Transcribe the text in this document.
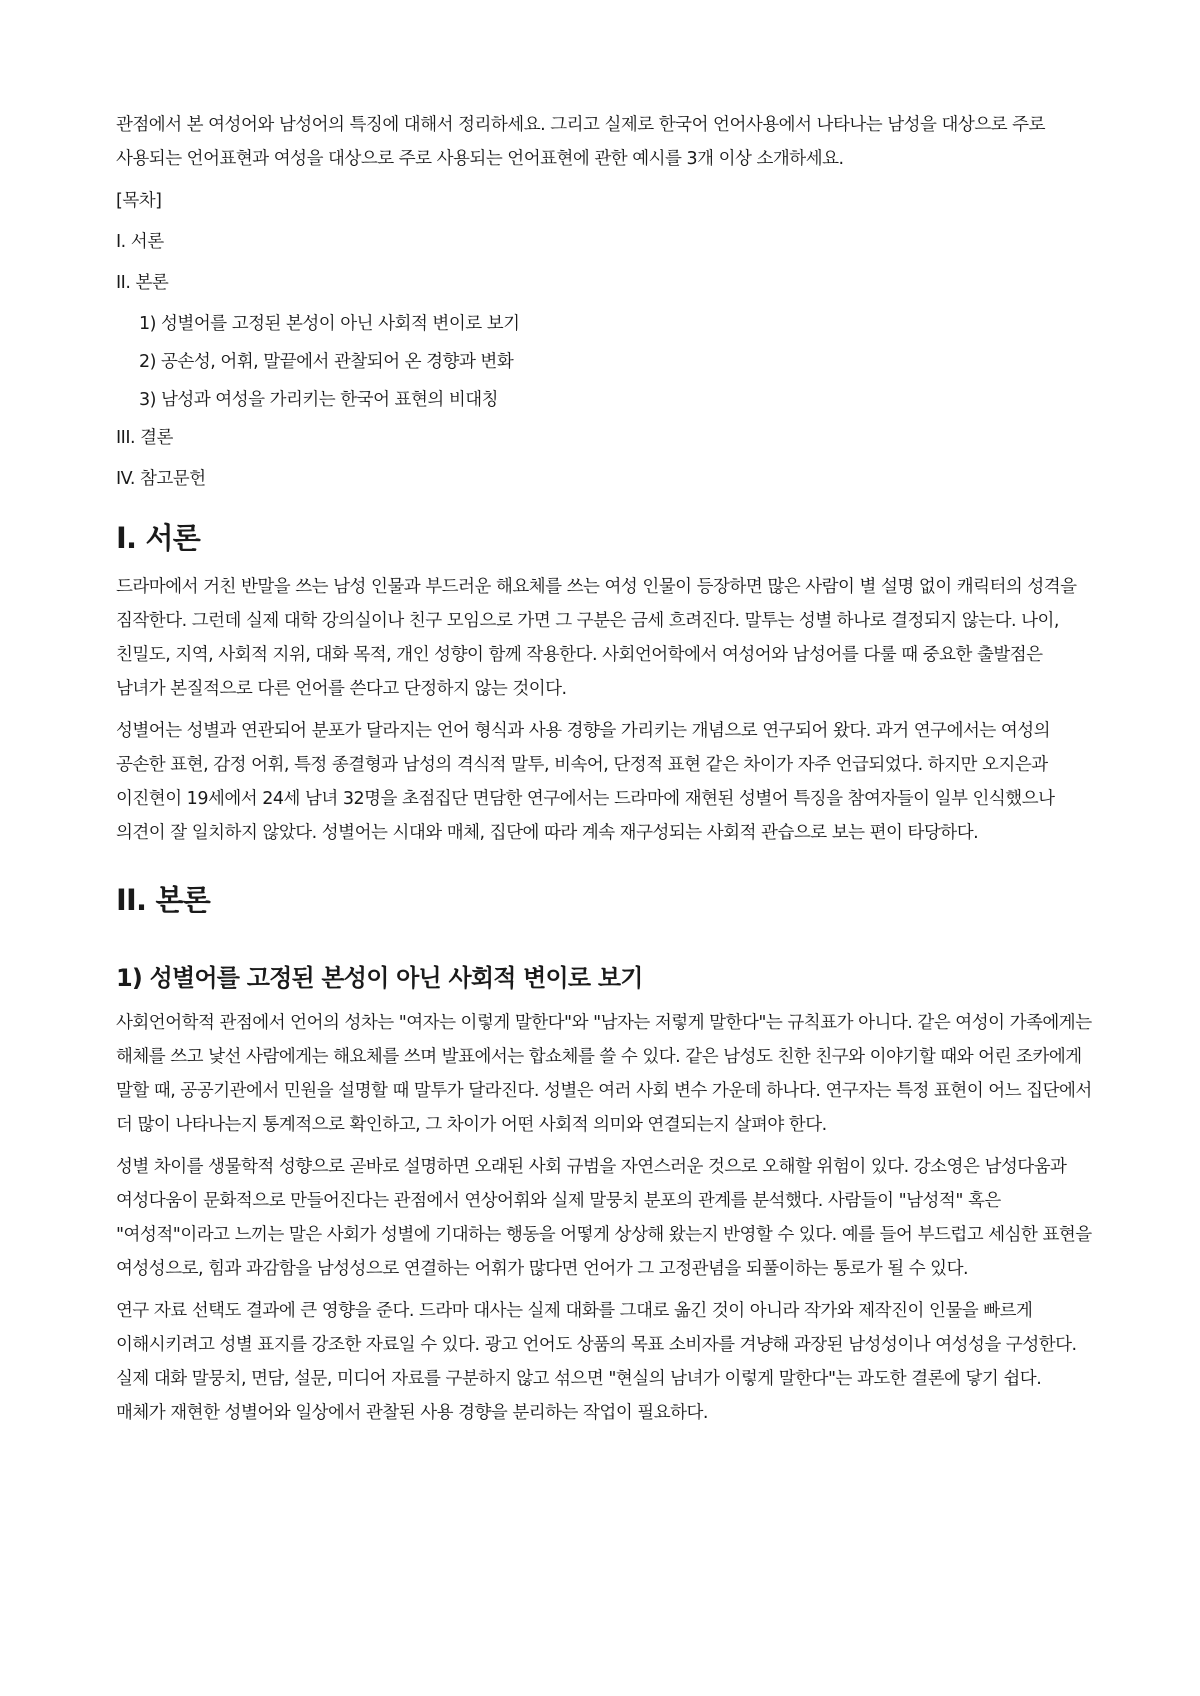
관점에서 본 여성어와 남성어의 특징에 대해서 정리하세요. 그리고 실제로 한국어 언어사용에서 나타나는 남성을 대상으로 주로 사용되는 언어표현과 여성을 대상으로 주로 사용되는 언어표현에 관한 예시를 3개 이상 소개하세요.

[목차]

I. 서론
II. 본론
1) 성별어를 고정된 본성이 아닌 사회적 변이로 보기
2) 공손성, 어휘, 말끝에서 관찰되어 온 경향과 변화
3) 남성과 여성을 가리키는 한국어 표현의 비대칭
III. 결론
IV. 참고문헌
I. 서론

드라마에서 거친 반말을 쓰는 남성 인물과 부드러운 해요체를 쓰는 여성 인물이 등장하면 많은 사람이 별 설명 없이 캐릭터의 성격을 짐작한다. 그런데 실제 대학 강의실이나 친구 모임으로 가면 그 구분은 금세 흐려진다. 말투는 성별 하나로 결정되지 않는다. 나이, 친밀도, 지역, 사회적 지위, 대화 목적, 개인 성향이 함께 작용한다. 사회언어학에서 여성어와 남성어를 다룰 때 중요한 출발점은 남녀가 본질적으로 다른 언어를 쓴다고 단정하지 않는 것이다.

성별어는 성별과 연관되어 분포가 달라지는 언어 형식과 사용 경향을 가리키는 개념으로 연구되어 왔다. 과거 연구에서는 여성의 공손한 표현, 감정 어휘, 특정 종결형과 남성의 격식적 말투, 비속어, 단정적 표현 같은 차이가 자주 언급되었다. 하지만 오지은과 이진현이 19세에서 24세 남녀 32명을 초점집단 면담한 연구에서는 드라마에 재현된 성별어 특징을 참여자들이 일부 인식했으나 의견이 잘 일치하지 않았다. 성별어는 시대와 매체, 집단에 따라 계속 재구성되는 사회적 관습으로 보는 편이 타당하다.

II. 본론
1) 성별어를 고정된 본성이 아닌 사회적 변이로 보기

사회언어학적 관점에서 언어의 성차는 "여자는 이렇게 말한다"와 "남자는 저렇게 말한다"는 규칙표가 아니다. 같은 여성이 가족에게는 해체를 쓰고 낯선 사람에게는 해요체를 쓰며 발표에서는 합쇼체를 쓸 수 있다. 같은 남성도 친한 친구와 이야기할 때와 어린 조카에게 말할 때, 공공기관에서 민원을 설명할 때 말투가 달라진다. 성별은 여러 사회 변수 가운데 하나다. 연구자는 특정 표현이 어느 집단에서 더 많이 나타나는지 통계적으로 확인하고, 그 차이가 어떤 사회적 의미와 연결되는지 살펴야 한다.

성별 차이를 생물학적 성향으로 곧바로 설명하면 오래된 사회 규범을 자연스러운 것으로 오해할 위험이 있다. 강소영은 남성다움과 여성다움이 문화적으로 만들어진다는 관점에서 연상어휘와 실제 말뭉치 분포의 관계를 분석했다. 사람들이 "남성적" 혹은 "여성적"이라고 느끼는 말은 사회가 성별에 기대하는 행동을 어떻게 상상해 왔는지 반영할 수 있다. 예를 들어 부드럽고 세심한 표현을 여성성으로, 힘과 과감함을 남성성으로 연결하는 어휘가 많다면 언어가 그 고정관념을 되풀이하는 통로가 될 수 있다.

연구 자료 선택도 결과에 큰 영향을 준다. 드라마 대사는 실제 대화를 그대로 옮긴 것이 아니라 작가와 제작진이 인물을 빠르게 이해시키려고 성별 표지를 강조한 자료일 수 있다. 광고 언어도 상품의 목표 소비자를 겨냥해 과장된 남성성이나 여성성을 구성한다. 실제 대화 말뭉치, 면담, 설문, 미디어 자료를 구분하지 않고 섞으면 "현실의 남녀가 이렇게 말한다"는 과도한 결론에 닿기 쉽다. 매체가 재현한 성별어와 일상에서 관찰된 사용 경향을 분리하는 작업이 필요하다.
